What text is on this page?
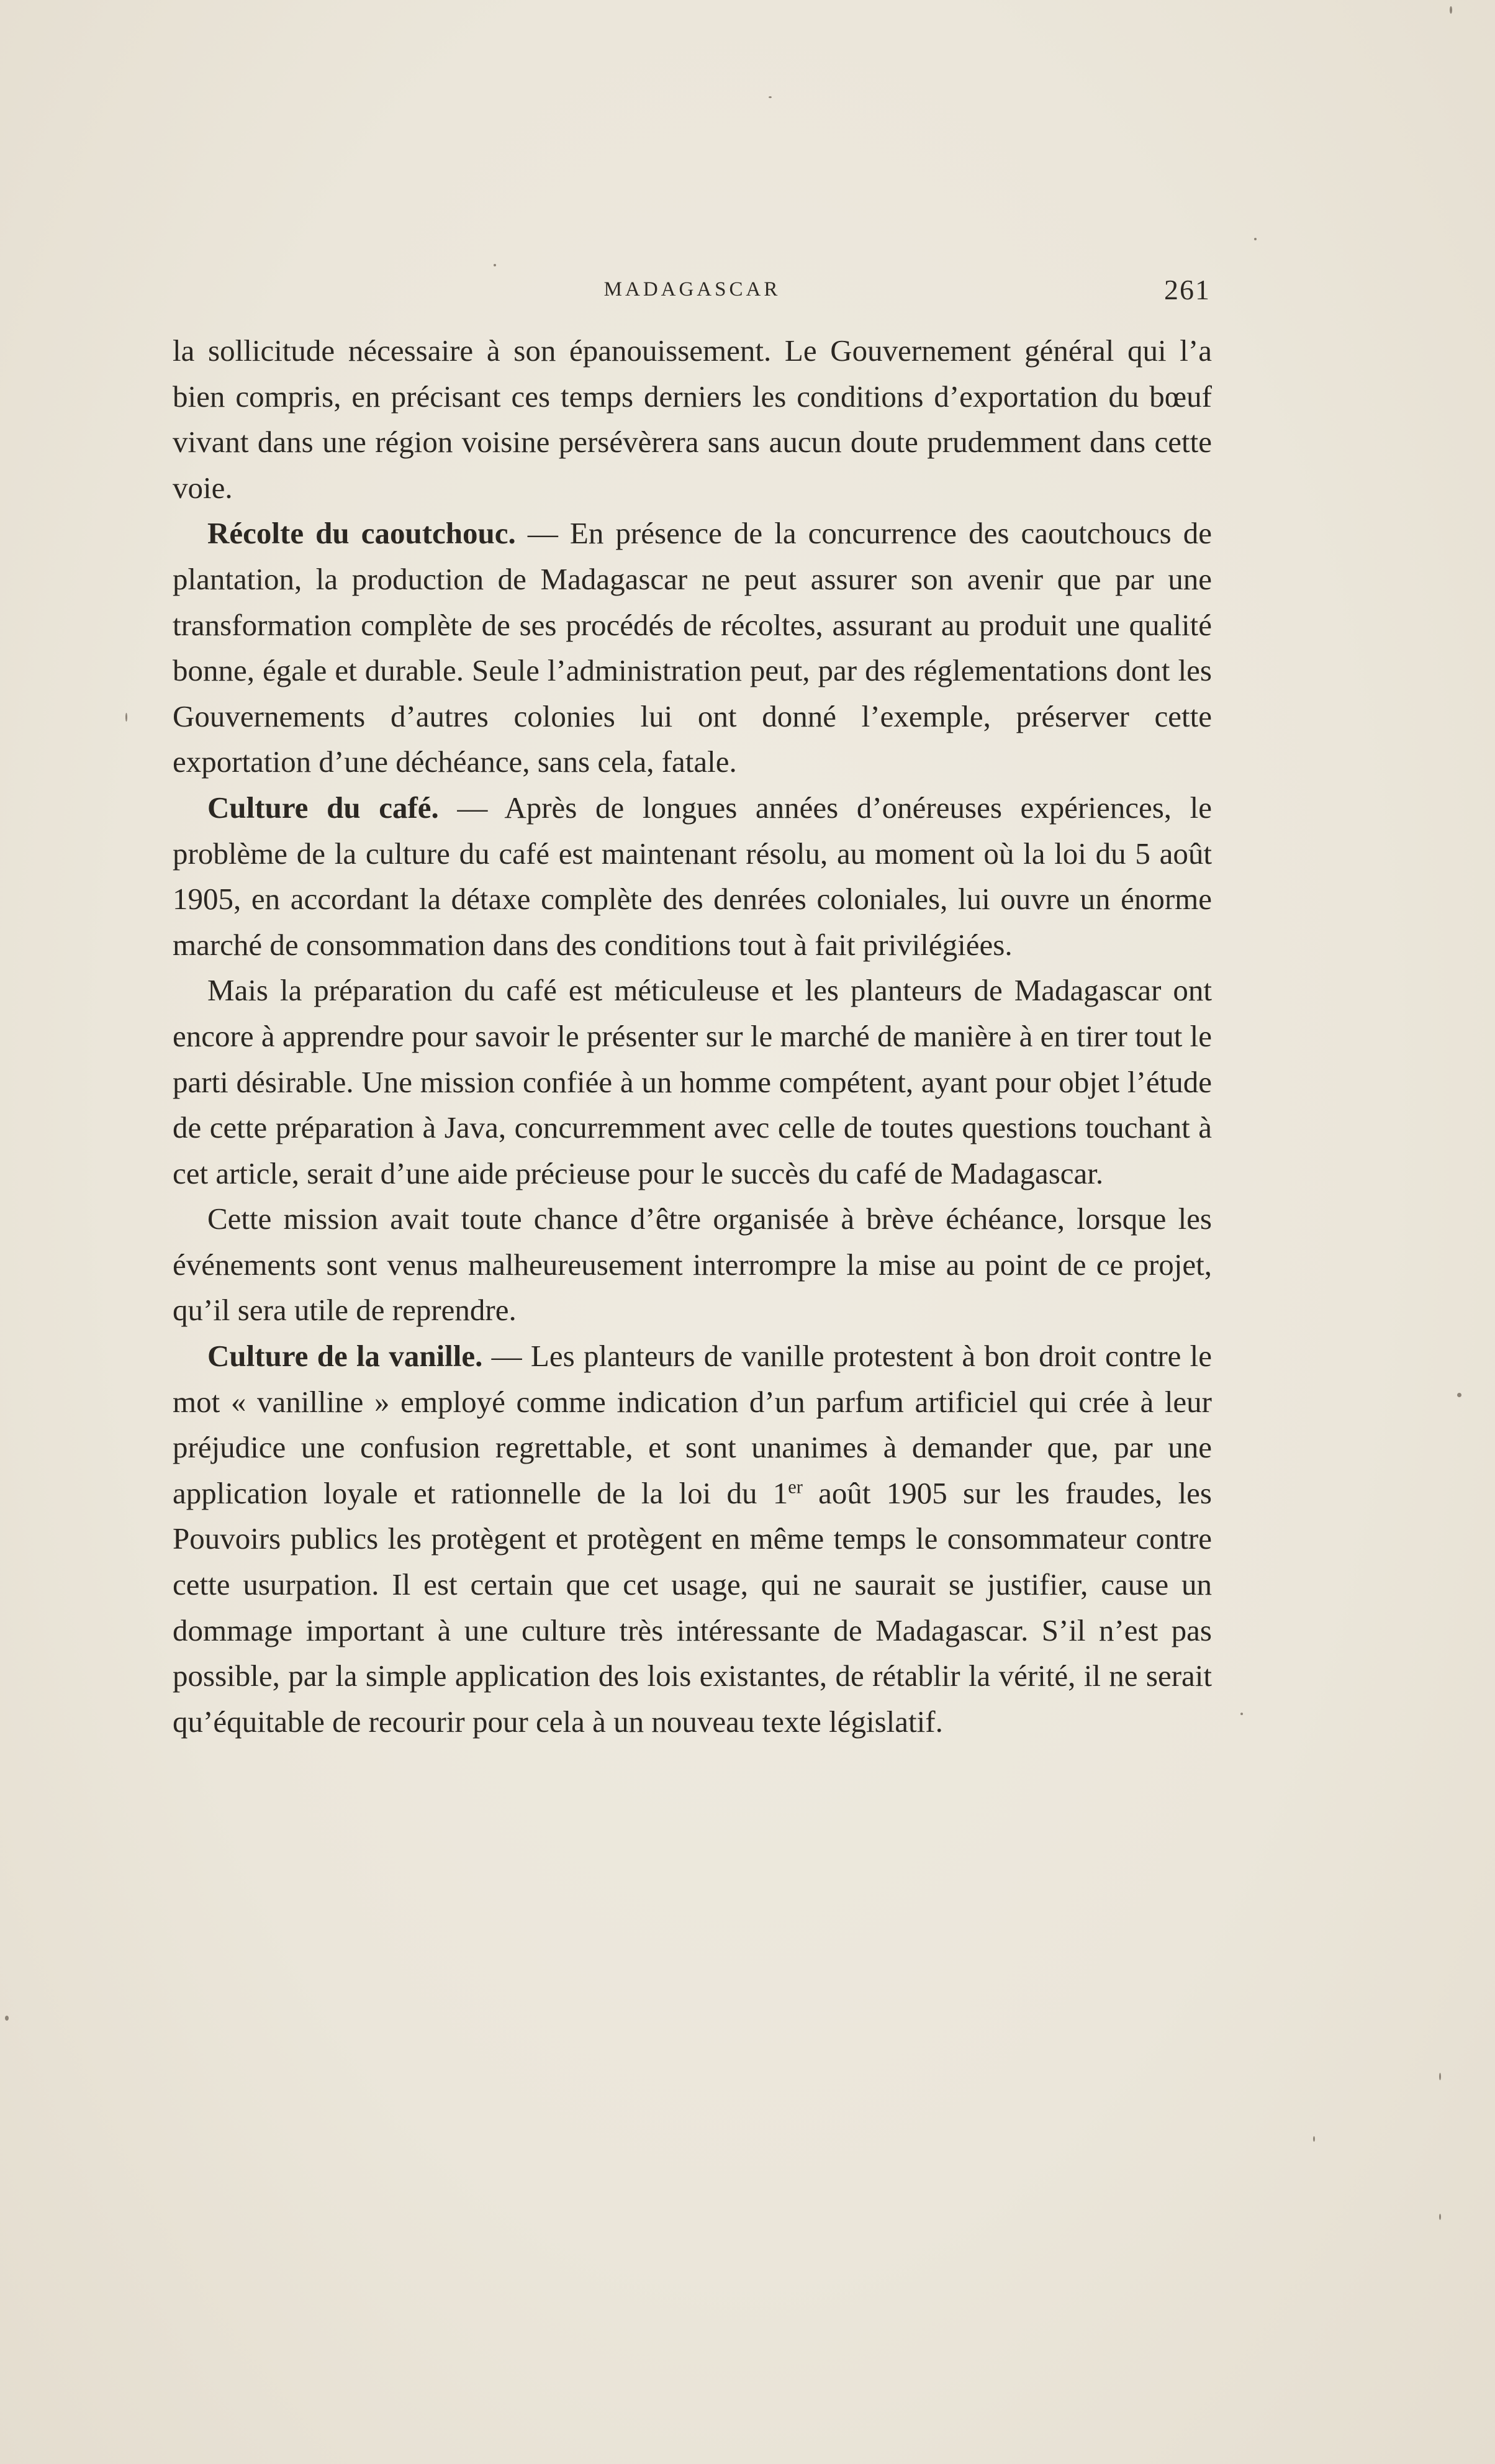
MADAGASCAR	261

la sollicitude nécessaire à son épanouissement. Le Gouvernement général qui l’a bien compris, en précisant ces temps derniers les conditions d’exportation du bœuf vivant dans une région voisine persévèrera sans aucun doute prudemment dans cette voie.

Récolte du caoutchouc. — En présence de la concurrence des caoutchoucs de plantation, la production de Madagascar ne peut assurer son avenir que par une transformation complète de ses procédés de récoltes, assurant au produit une qualité bonne, égale et durable. Seule l’administration peut, par des réglementations dont les Gouvernements d’autres colonies lui ont donné l’exemple, préserver cette exportation d’une déchéance, sans cela, fatale.

Culture du café. — Après de longues années d’onéreuses expériences, le problème de la culture du café est maintenant résolu, au moment où la loi du 5 août 1905, en accordant la détaxe complète des denrées coloniales, lui ouvre un énorme marché de consommation dans des conditions tout à fait privilégiées.

Mais la préparation du café est méticuleuse et les planteurs de Madagascar ont encore à apprendre pour savoir le présenter sur le marché de manière à en tirer tout le parti désirable. Une mission confiée à un homme compétent, ayant pour objet l’étude de cette préparation à Java, concurremment avec celle de toutes questions touchant à cet article, serait d’une aide précieuse pour le succès du café de Madagascar.

Cette mission avait toute chance d’être organisée à brève échéance, lorsque les événements sont venus malheureusement interrompre la mise au point de ce projet, qu’il sera utile de reprendre.

Culture de la vanille. — Les planteurs de vanille protestent à bon droit contre le mot « vanilline » employé comme indication d’un parfum artificiel qui crée à leur préjudice une confusion regrettable, et sont unanimes à demander que, par une application loyale et rationnelle de la loi du 1er août 1905 sur les fraudes, les Pouvoirs publics les protègent et protègent en même temps le consommateur contre cette usurpation. Il est certain que cet usage, qui ne saurait se justifier, cause un dommage important à une culture très intéressante de Madagascar. S’il n’est pas possible, par la simple application des lois existantes, de rétablir la vérité, il ne serait qu’équitable de recourir pour cela à un nouveau texte législatif.
